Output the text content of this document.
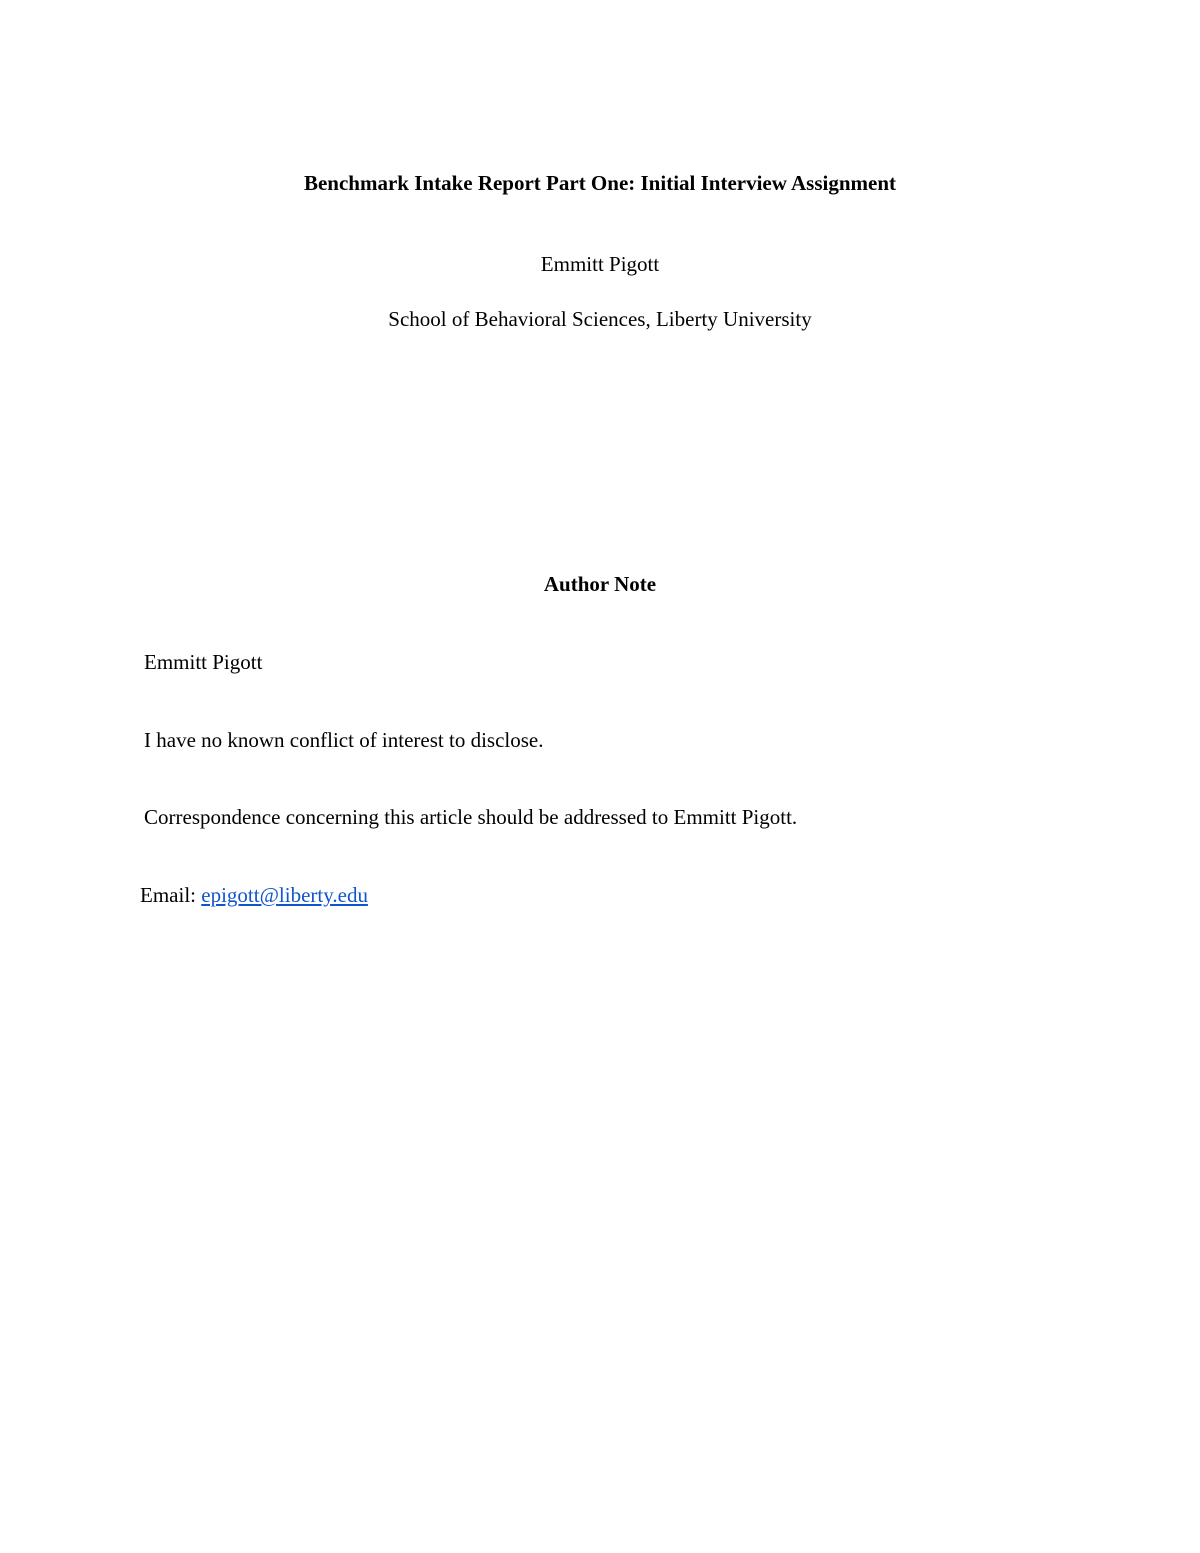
Benchmark Intake Report Part One: Initial Interview Assignment
Emmitt Pigott
School of Behavioral Sciences, Liberty University
Author Note
Emmitt Pigott
I have no known conflict of interest to disclose.
Correspondence concerning this article should be addressed to Emmitt Pigott.
Email: epigott@liberty.edu
